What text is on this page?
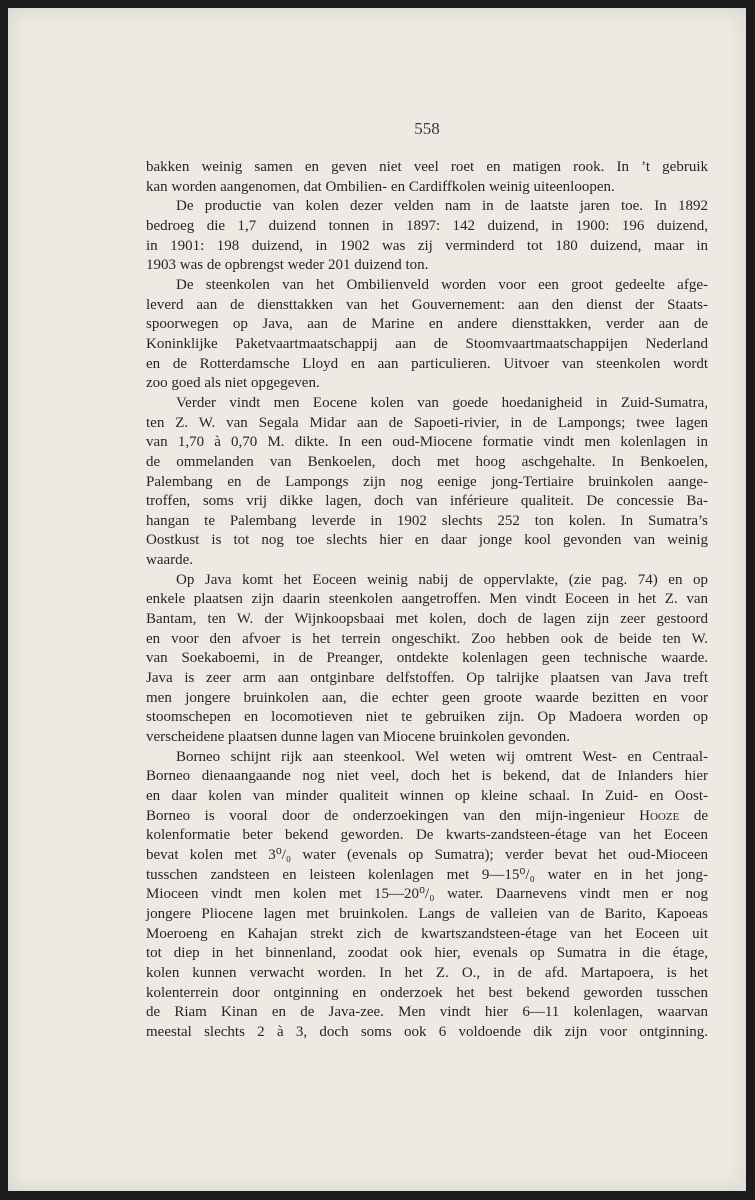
558
bakken weinig samen en geven niet veel roet en matigen rook. In ’t gebruik
kan worden aangenomen, dat Ombilien- en Cardiffkolen weinig uiteenloopen.
De productie van kolen dezer velden nam in de laatste jaren toe. In 1892
bedroeg die 1,7 duizend tonnen in 1897: 142 duizend, in 1900: 196 duizend,
in 1901: 198 duizend, in 1902 was zij verminderd tot 180 duizend, maar in
1903 was de opbrengst weder 201 duizend ton.
De steenkolen van het Ombilienveld worden voor een groot gedeelte afge-
leverd aan de diensttakken van het Gouvernement: aan den dienst der Staats-
spoorwegen op Java, aan de Marine en andere diensttakken, verder aan de
Koninklijke Paketvaartmaatschappij aan de Stoomvaartmaatschappijen Nederland
en de Rotterdamsche Lloyd en aan particulieren. Uitvoer van steenkolen wordt
zoo goed als niet opgegeven.
Verder vindt men Eocene kolen van goede hoedanigheid in Zuid-Sumatra,
ten Z. W. van Segala Midar aan de Sapoeti-rivier, in de Lampongs; twee lagen
van 1,70 à 0,70 M. dikte. In een oud-Miocene formatie vindt men kolenlagen in
de ommelanden van Benkoelen, doch met hoog aschgehalte. In Benkoelen,
Palembang en de Lampongs zijn nog eenige jong-Tertiaire bruinkolen aange-
troffen, soms vrij dikke lagen, doch van inférieure qualiteit. De concessie Ba-
hangan te Palembang leverde in 1902 slechts 252 ton kolen. In Sumatra’s
Oostkust is tot nog toe slechts hier en daar jonge kool gevonden van weinig
waarde.
Op Java komt het Eoceen weinig nabij de oppervlakte, (zie pag. 74) en op
enkele plaatsen zijn daarin steenkolen aangetroffen. Men vindt Eoceen in het Z. van
Bantam, ten W. der Wijnkoopsbaai met kolen, doch de lagen zijn zeer gestoord
en voor den afvoer is het terrein ongeschikt. Zoo hebben ook de beide ten W.
van Soekaboemi, in de Preanger, ontdekte kolenlagen geen technische waarde.
Java is zeer arm aan ontginbare delfstoffen. Op talrijke plaatsen van Java treft
men jongere bruinkolen aan, die echter geen groote waarde bezitten en voor
stoomschepen en locomotieven niet te gebruiken zijn. Op Madoera worden op
verscheidene plaatsen dunne lagen van Miocene bruinkolen gevonden.
Borneo schijnt rijk aan steenkool. Wel weten wij omtrent West- en Centraal-
Borneo dienaangaande nog niet veel, doch het is bekend, dat de Inlanders hier
en daar kolen van minder qualiteit winnen op kleine schaal. In Zuid- en Oost-
Borneo is vooral door de onderzoekingen van den mijn-ingenieur Hooze de
kolenformatie beter bekend geworden. De kwarts-zandsteen-étage van het Eoceen
bevat kolen met 3⁰/₀ water (evenals op Sumatra); verder bevat het oud-Mioceen
tusschen zandsteen en leisteen kolenlagen met 9—15⁰/₀ water en in het jong-
Mioceen vindt men kolen met 15—20⁰/₀ water. Daarnevens vindt men er nog
jongere Pliocene lagen met bruinkolen. Langs de valleien van de Barito, Kapoeas
Moeroeng en Kahajan strekt zich de kwartszandsteen-étage van het Eoceen uit
tot diep in het binnenland, zoodat ook hier, evenals op Sumatra in die étage,
kolen kunnen verwacht worden. In het Z. O., in de afd. Martapoera, is het
kolenterrein door ontginning en onderzoek het best bekend geworden tusschen
de Riam Kinan en de Java-zee. Men vindt hier 6—11 kolenlagen, waarvan
meestal slechts 2 à 3, doch soms ook 6 voldoende dik zijn voor ontginning.
